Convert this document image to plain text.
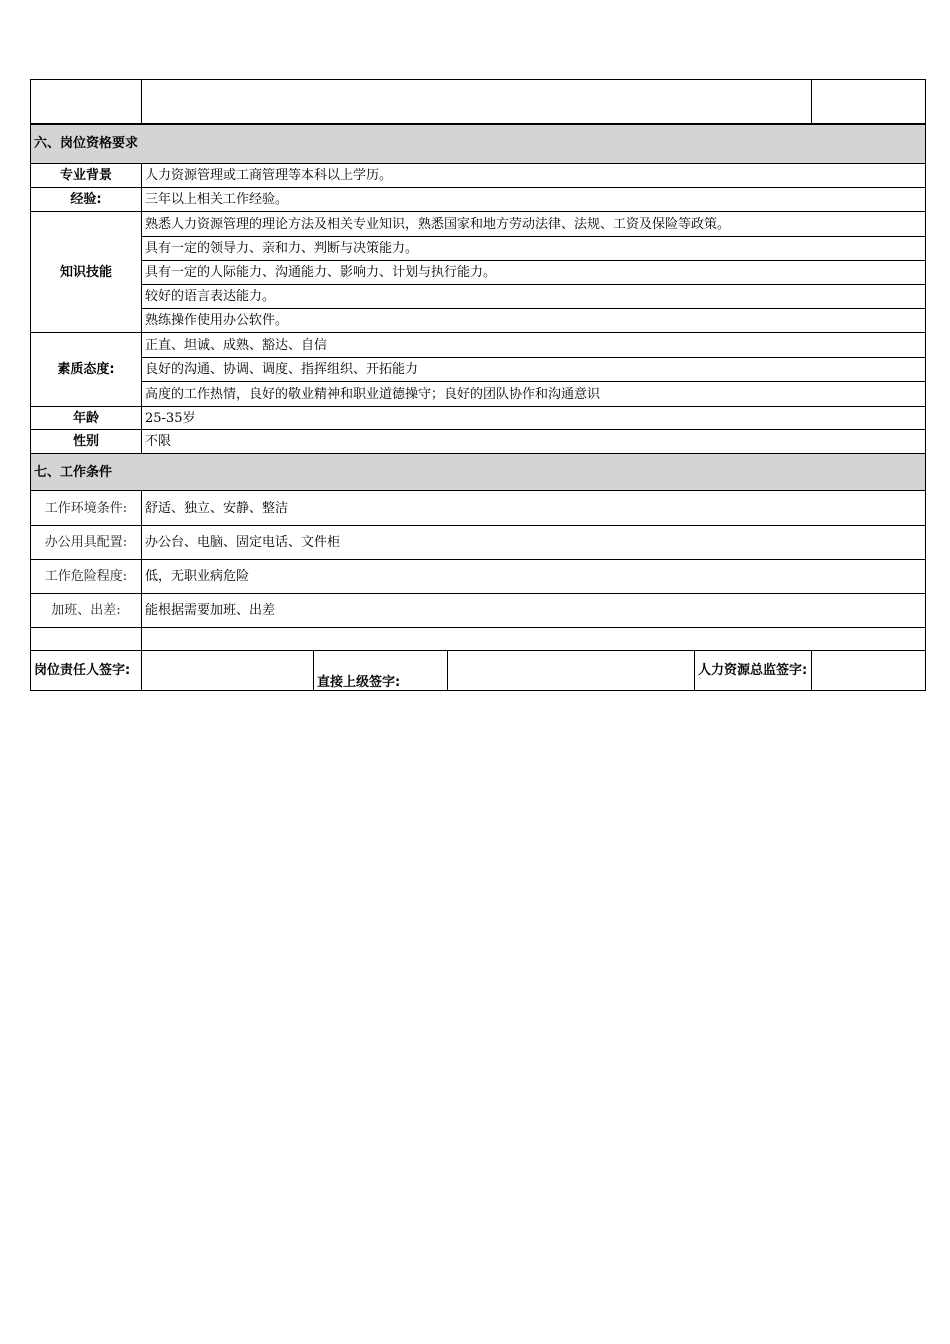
六、岗位资格要求					
专业背景	人力资源管理或工商管理等本科以上学历。				
经验:	三年以上相关工作经验。				
知识技能	熟悉人力资源管理的理论方法及相关专业知识，熟悉国家和地方劳动法律、法规、工资及保险等政策。				
	具有一定的领导力、亲和力、判断与决策能力。				
	具有一定的人际能力、沟通能力、影响力、计划与执行能力。				
	较好的语言表达能力。				
	熟练操作使用办公软件。				
素质态度:	正直、坦诚、成熟、豁达、自信				
	良好的沟通、协调、调度、指挥组织、开拓能力				
	高度的工作热情，良好的敬业精神和职业道德操守；良好的团队协作和沟通意识				
年龄	25-35岁				
性别	不限				
七、工作条件					
工作环境条件:	舒适、独立、安静、整洁				
办公用具配置:	办公台、电脑、固定电话、文件柜				
工作危险程度:	低，无职业病危险				
加班、出差:	能根据需要加班、出差				

岗位责任人签字:		直接上级签字:		人力资源总监签字:	
